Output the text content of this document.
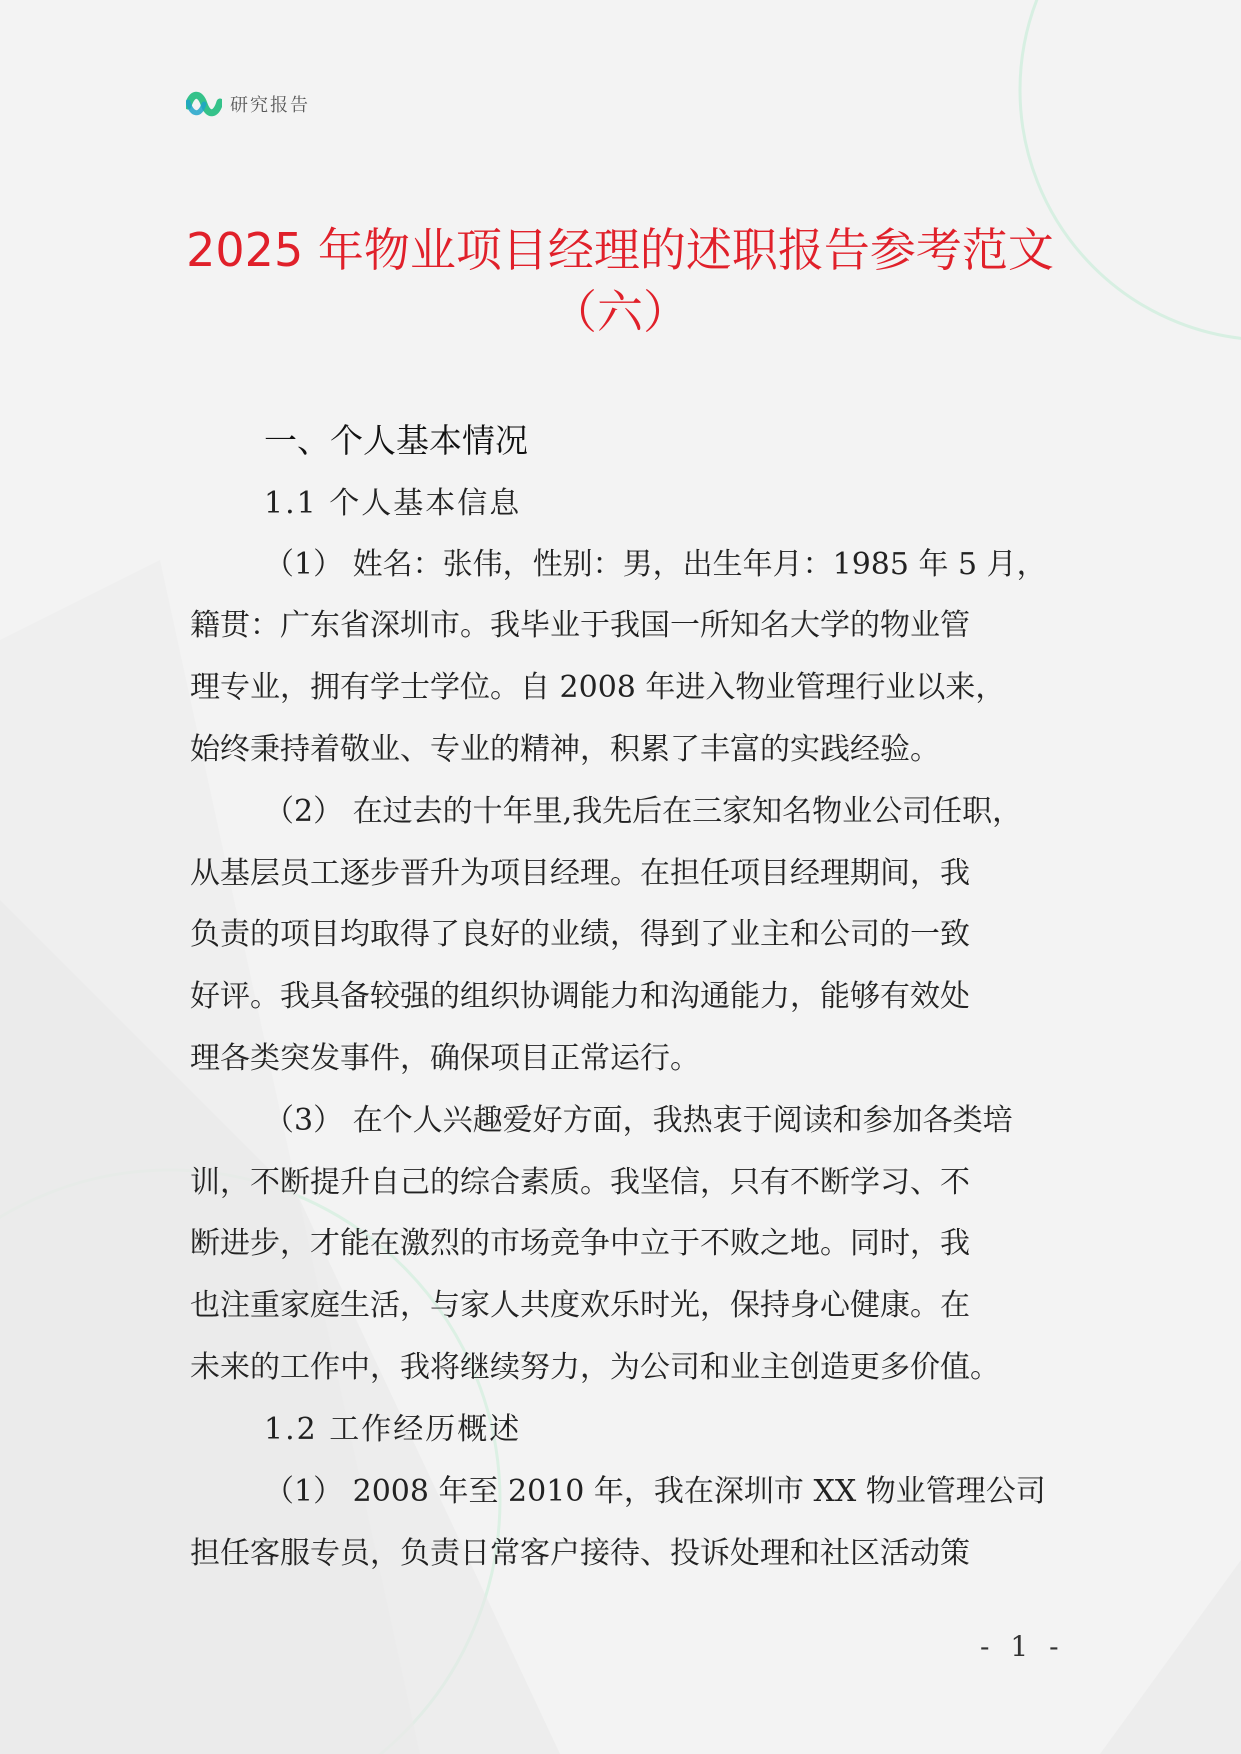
研究报告
2025 年物业项目经理的述职报告参考范文
（六）
一、个人基本情况
1.1 个人基本信息
（1） 姓名：张伟，性别：男，出生年月：1985 年 5 月，
籍贯：广东省深圳市。我毕业于我国一所知名大学的物业管
理专业，拥有学士学位。自 2008 年进入物业管理行业以来，
始终秉持着敬业、专业的精神，积累了丰富的实践经验。
（2） 在过去的十年里,我先后在三家知名物业公司任职，
从基层员工逐步晋升为项目经理。在担任项目经理期间，我
负责的项目均取得了良好的业绩，得到了业主和公司的一致
好评。我具备较强的组织协调能力和沟通能力，能够有效处
理各类突发事件，确保项目正常运行。
（3） 在个人兴趣爱好方面，我热衷于阅读和参加各类培
训，不断提升自己的综合素质。我坚信，只有不断学习、不
断进步，才能在激烈的市场竞争中立于不败之地。同时，我
也注重家庭生活，与家人共度欢乐时光，保持身心健康。在
未来的工作中，我将继续努力，为公司和业主创造更多价值。
1.2 工作经历概述
（1） 2008 年至 2010 年，我在深圳市 XX 物业管理公司
担任客服专员，负责日常客户接待、投诉处理和社区活动策
- 1 -
